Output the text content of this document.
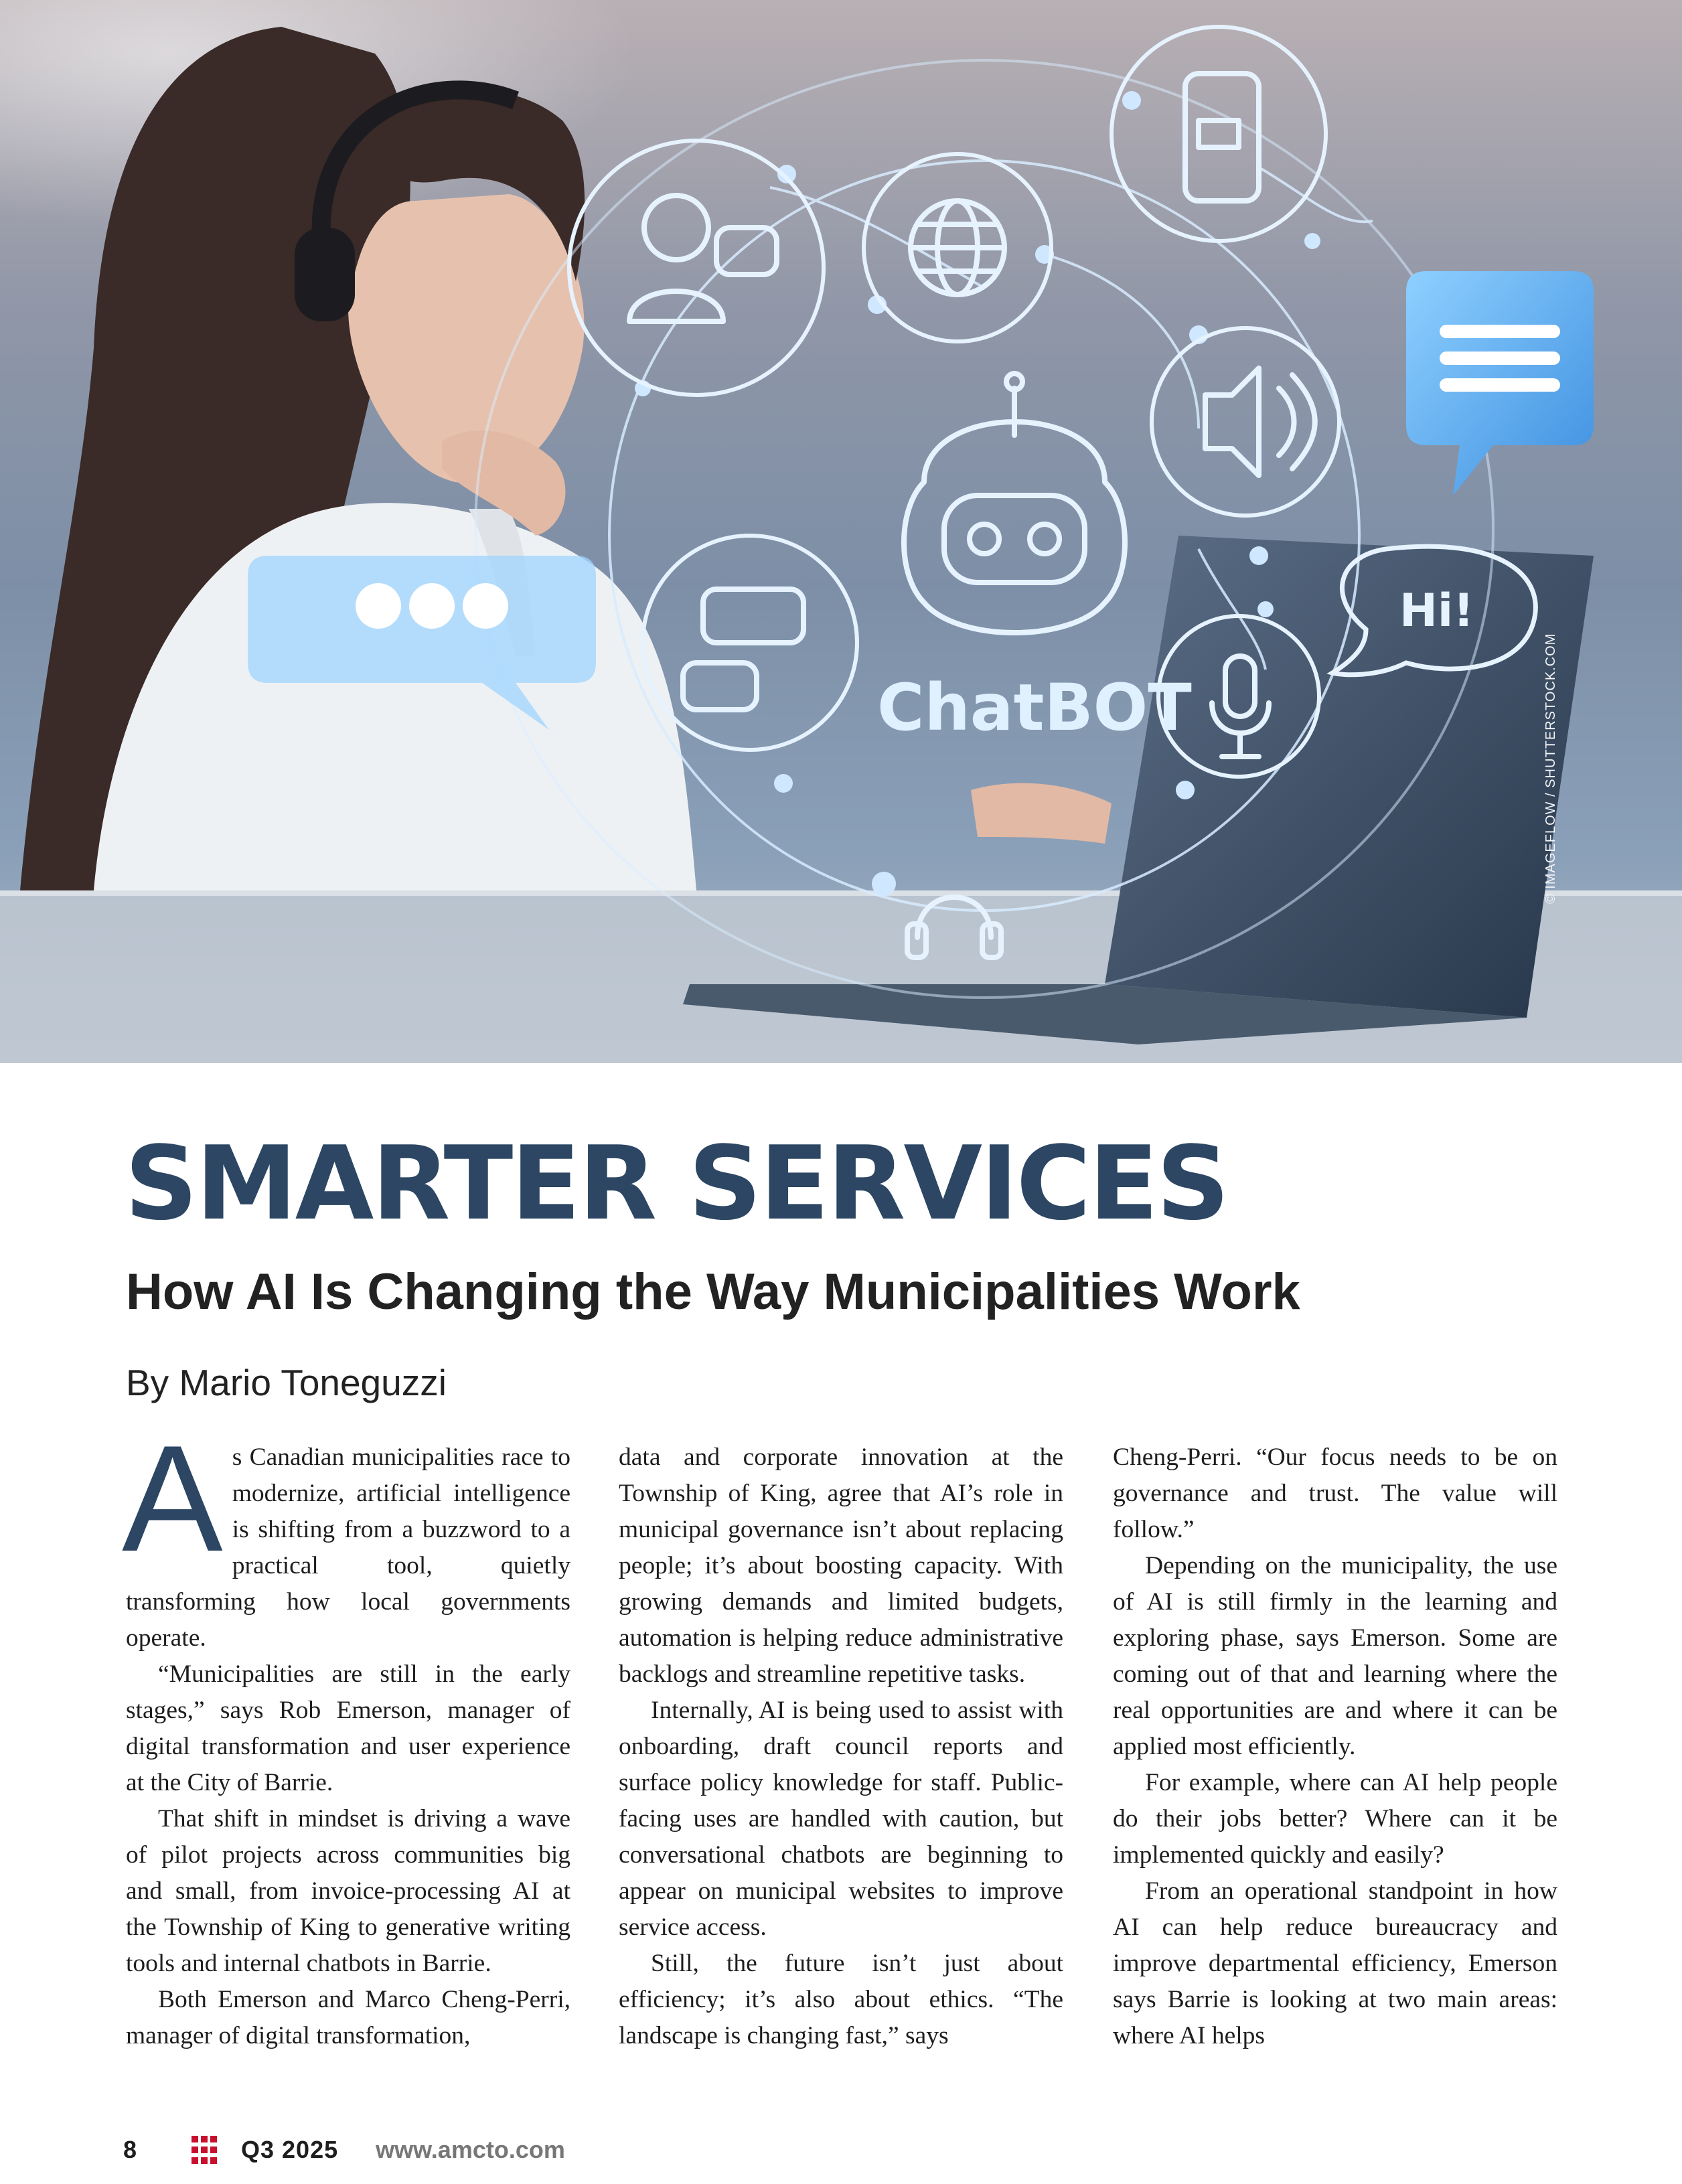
ChatBOT
Hi!
© IMAGEFLOW / SHUTTERSTOCK.COM
SMARTER SERVICES
How AI Is Changing the Way Municipalities Work

By Mario Toneguzzi

As Canadian municipalities race to modernize, artificial intelligence is shifting from a buzzword to a practical tool, quietly transforming how local governments operate.

“Municipalities are still in the early stages,” says Rob Emerson, manager of digital transformation and user experience at the City of Barrie.

That shift in mindset is driving a wave of pilot projects across communities big and small, from invoice-processing AI at the Township of King to generative writing tools and internal chatbots in Barrie.

Both Emerson and Marco Cheng-Perri, manager of digital transformation,

data and corporate innovation at the Township of King, agree that AI’s role in municipal governance isn’t about replacing people; it’s about boosting capacity. With growing demands and limited budgets, automation is helping reduce administrative backlogs and streamline repetitive tasks.

Internally, AI is being used to assist with onboarding, draft council reports and surface policy knowledge for staff. Public-facing uses are handled with caution, but conversational chatbots are beginning to appear on municipal websites to improve service access.

Still, the future isn’t just about efficiency; it’s also about ethics. “The landscape is changing fast,” says

Cheng-Perri. “Our focus needs to be on governance and trust. The value will follow.”

Depending on the municipality, the use of AI is still firmly in the learning and exploring phase, says Emerson. Some are coming out of that and learning where the real opportunities are and where it can be applied most efficiently.

For example, where can AI help people do their jobs better? Where can it be implemented quickly and easily?

From an operational standpoint in how AI can help reduce bureaucracy and improve departmental efficiency, Emerson says Barrie is looking at two main areas: where AI helps

8	Q3 2025 www.amcto.com
